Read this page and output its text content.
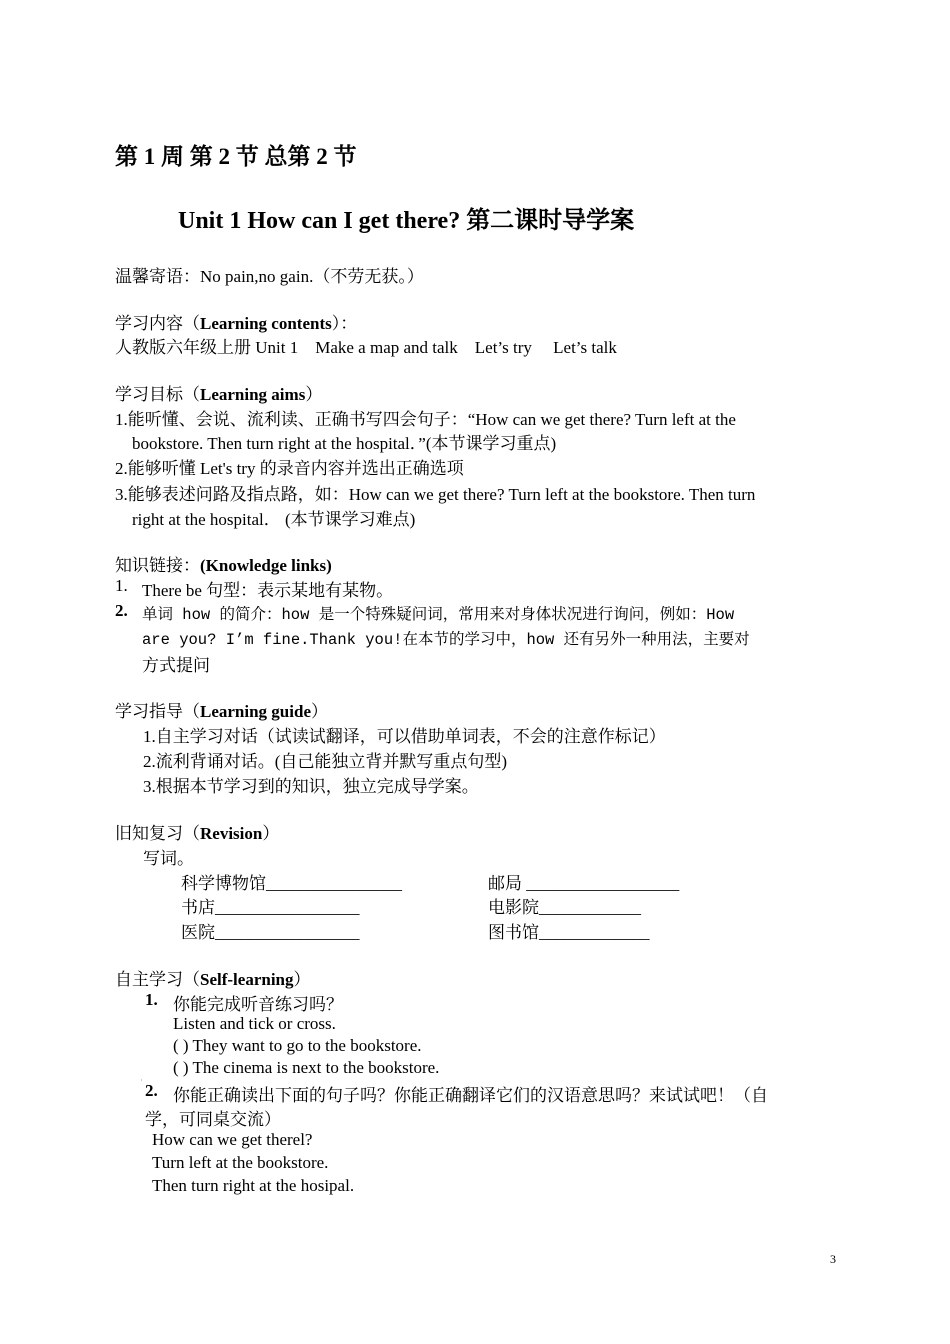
第 1 周 第 2 节 总第 2 节
Unit 1 How can I get there? 第二课时导学案
温馨寄语：No pain,no gain.（不劳无获。）
学习内容（Learning contents）：
人教版六年级上册 Unit 1　Make a map and talk　Let’s try　 Let’s talk
学习目标（Learning aims）
1.能听懂、会说、流利读、正确书写四会句子：“How can we get there? Turn left at the
bookstore. Then turn right at the hospital．”(本节课学习重点)
2.能够听懂 Let's try 的录音内容并选出正确选项
3.能够表述问路及指点路，如：How can we get there? Turn left at the bookstore. Then turn
right at the hospital． (本节课学习难点)
知识链接：(Knowledge links)
1. There be 句型：表示某地有某物。
2. 单词 how 的简介：how 是一个特殊疑问词，常用来对身体状况进行询问，例如：How
are you? I’m fine.Thank you!在本节的学习中，how 还有另外一种用法，主要对
方式提问
学习指导（Learning guide）
1.自主学习对话（试读试翻译，可以借助单词表，不会的注意作标记）
2.流利背诵对话。(自己能独立背并默写重点句型)
3.根据本节学习到的知识，独立完成导学案。
旧知复习（Revision）
写词。
科学博物馆________________	邮局 __________________
书店_________________	电影院____________
医院_________________	图书馆_____________
自主学习（Self-learning）
1. 你能完成听音练习吗？
Listen and tick or cross.
( ) They want to go to the bookstore.
( ) The cinema is next to the bookstore.
·
2. 你能正确读出下面的句子吗？你能正确翻译它们的汉语意思吗？来试试吧！（自
学，可同桌交流）
How can we get therel?
Turn left at the bookstore.
Then turn right at the hosipal.
3
